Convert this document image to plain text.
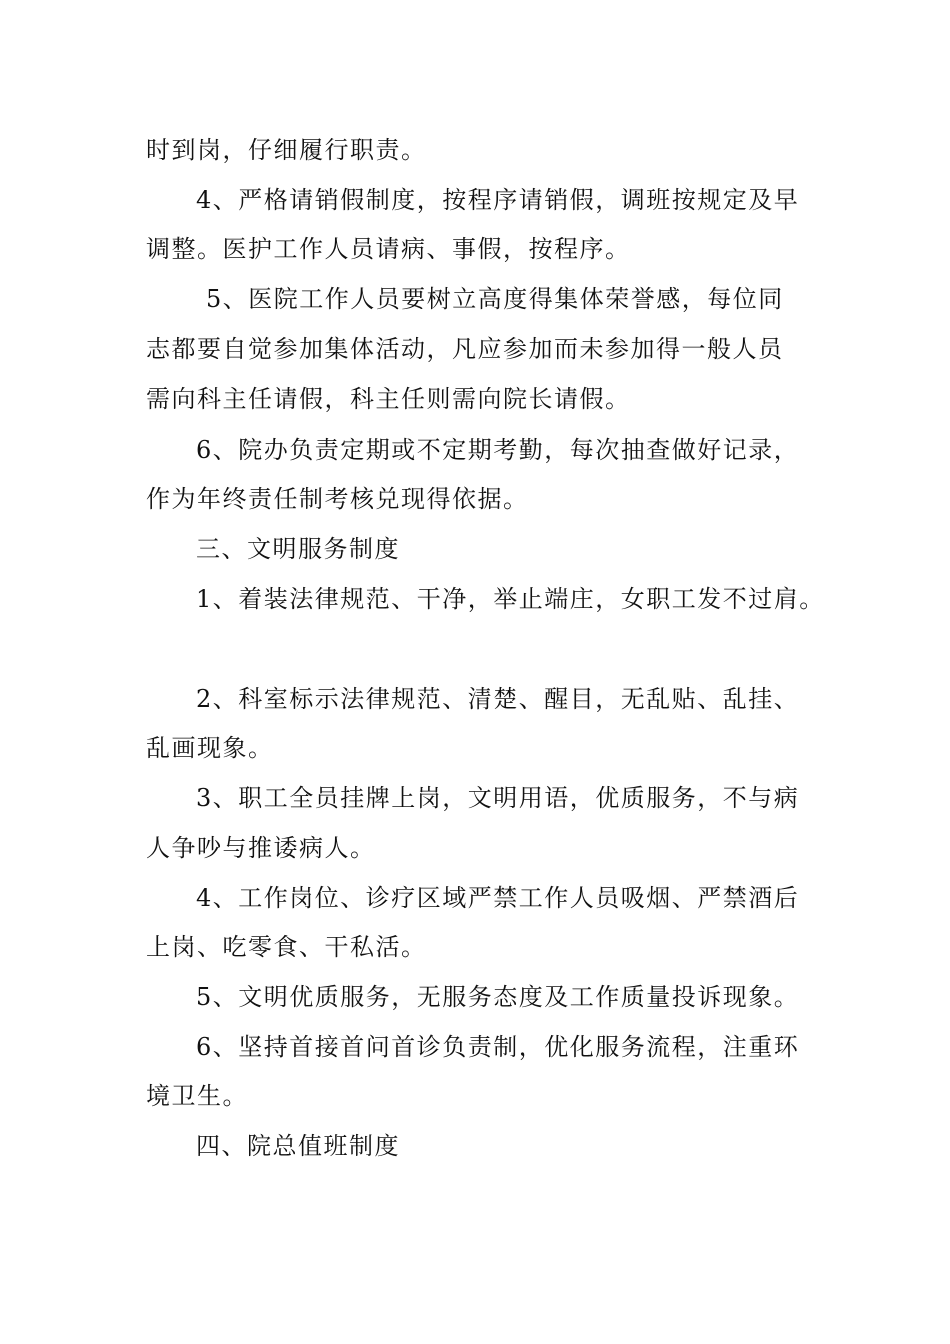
时到岗，仔细履行职责。
4、严格请销假制度，按程序请销假，调班按规定及早
调整。医护工作人员请病、事假，按程序。
5、医院工作人员要树立高度得集体荣誉感，每位同
志都要自觉参加集体活动，凡应参加而未参加得一般人员
需向科主任请假，科主任则需向院长请假。
6、院办负责定期或不定期考勤，每次抽查做好记录，
作为年终责任制考核兑现得依据。
三、文明服务制度
1、着装法律规范、干净，举止端庄，女职工发不过肩。
2、科室标示法律规范、清楚、醒目，无乱贴、乱挂、
乱画现象。
3、职工全员挂牌上岗，文明用语，优质服务，不与病
人争吵与推诿病人。
4、工作岗位、诊疗区域严禁工作人员吸烟、严禁酒后
上岗、吃零食、干私活。
5、文明优质服务，无服务态度及工作质量投诉现象。
6、坚持首接首问首诊负责制，优化服务流程，注重环
境卫生。
四、院总值班制度
